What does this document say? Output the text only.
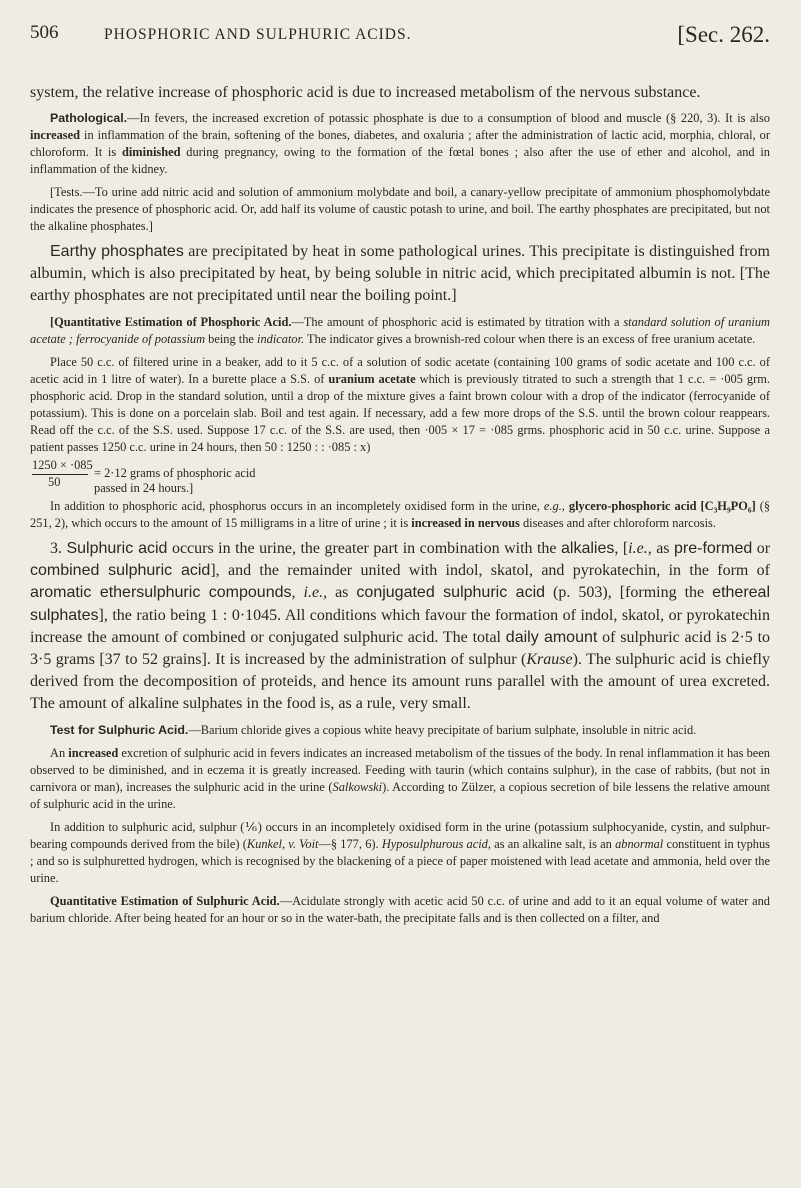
506	PHOSPHORIC AND SULPHURIC ACIDS.	[Sec. 262.

system, the relative increase of phosphoric acid is due to increased metabolism of the nervous substance.

Pathological.—In fevers, the increased excretion of potassic phosphate is due to a consumption of blood and muscle (§ 220, 3). It is also increased in inflammation of the brain, softening of the bones, diabetes, and oxaluria ; after the administration of lactic acid, morphia, chloral, or chloroform. It is diminished during pregnancy, owing to the formation of the fœtal bones ; also after the use of ether and alcohol, and in inflammation of the kidney.

[Tests.—To urine add nitric acid and solution of ammonium molybdate and boil, a canary-yellow precipitate of ammonium phosphomolybdate indicates the presence of phosphoric acid. Or, add half its volume of caustic potash to urine, and boil. The earthy phosphates are precipitated, but not the alkaline phosphates.]

Earthy phosphates are precipitated by heat in some pathological urines. This precipitate is distinguished from albumin, which is also precipitated by heat, by being soluble in nitric acid, which precipitated albumin is not. [The earthy phosphates are not precipitated until near the boiling point.]

[Quantitative Estimation of Phosphoric Acid.—The amount of phosphoric acid is estimated by titration with a standard solution of uranium acetate ; ferrocyanide of potassium being the indicator. The indicator gives a brownish-red colour when there is an excess of free uranium acetate.

Place 50 c.c. of filtered urine in a beaker, add to it 5 c.c. of a solution of sodic acetate (containing 100 grams of sodic acetate and 100 c.c. of acetic acid in 1 litre of water). In a burette place a S.S. of uranium acetate which is previously titrated to such a strength that 1 c.c. = ·005 grm. phosphoric acid. Drop in the standard solution, until a drop of the mixture gives a faint brown colour with a drop of the indicator (ferrocyanide of potassium). This is done on a porcelain slab. Boil and test again. If necessary, add a few more drops of the S.S. until the brown colour reappears. Read off the c.c. of the S.S. used. Suppose 17 c.c. of the S.S. are used, then ·005 × 17 = ·085 grms. phosphoric acid in 50 c.c. urine. Suppose a patient passes 1250 c.c. urine in 24 hours, then 50 : 1250 : : ·085 : x)

1250 × ·085
50
= 2·12 grams of phosphoric acid passed in 24 hours.]

In addition to phosphoric acid, phosphorus occurs in an incompletely oxidised form in the urine, e.g., glycero-phosphoric acid [C₃H₉PO₆] (§ 251, 2), which occurs to the amount of 15 milligrams in a litre of urine ; it is increased in nervous diseases and after chloroform narcosis.

3. Sulphuric acid occurs in the urine, the greater part in combination with the alkalies, [i.e., as pre-formed or combined sulphuric acid], and the remainder united with indol, skatol, and pyrokatechin, in the form of aromatic ethersulphuric compounds, i.e., as conjugated sulphuric acid (p. 503), [forming the ethereal sulphates], the ratio being 1 : 0·1045. All conditions which favour the formation of indol, skatol, or pyrokatechin increase the amount of combined or conjugated sulphuric acid. The total daily amount of sulphuric acid is 2·5 to 3·5 grams [37 to 52 grains]. It is increased by the administration of sulphur (Krause). The sulphuric acid is chiefly derived from the decomposition of proteids, and hence its amount runs parallel with the amount of urea excreted. The amount of alkaline sulphates in the food is, as a rule, very small.

Test for Sulphuric Acid.—Barium chloride gives a copious white heavy precipitate of barium sulphate, insoluble in nitric acid.

An increased excretion of sulphuric acid in fevers indicates an increased metabolism of the tissues of the body. In renal inflammation it has been observed to be diminished, and in eczema it is greatly increased. Feeding with taurin (which contains sulphur), in the case of rabbits, (but not in carnivora or man), increases the sulphuric acid in the urine (Salkowski). According to Zülzer, a copious secretion of bile lessens the relative amount of sulphuric acid in the urine.

In addition to sulphuric acid, sulphur (⅙) occurs in an incompletely oxidised form in the urine (potassium sulphocyanide, cystin, and sulphur-bearing compounds derived from the bile) (Kunkel, v. Voit—§ 177, 6). Hyposulphurous acid, as an alkaline salt, is an abnormal constituent in typhus ; and so is sulphuretted hydrogen, which is recognised by the blackening of a piece of paper moistened with lead acetate and ammonia, held over the urine.

Quantitative Estimation of Sulphuric Acid.—Acidulate strongly with acetic acid 50 c.c. of urine and add to it an equal volume of water and barium chloride. After being heated for an hour or so in the water-bath, the precipitate falls and is then collected on a filter, and
